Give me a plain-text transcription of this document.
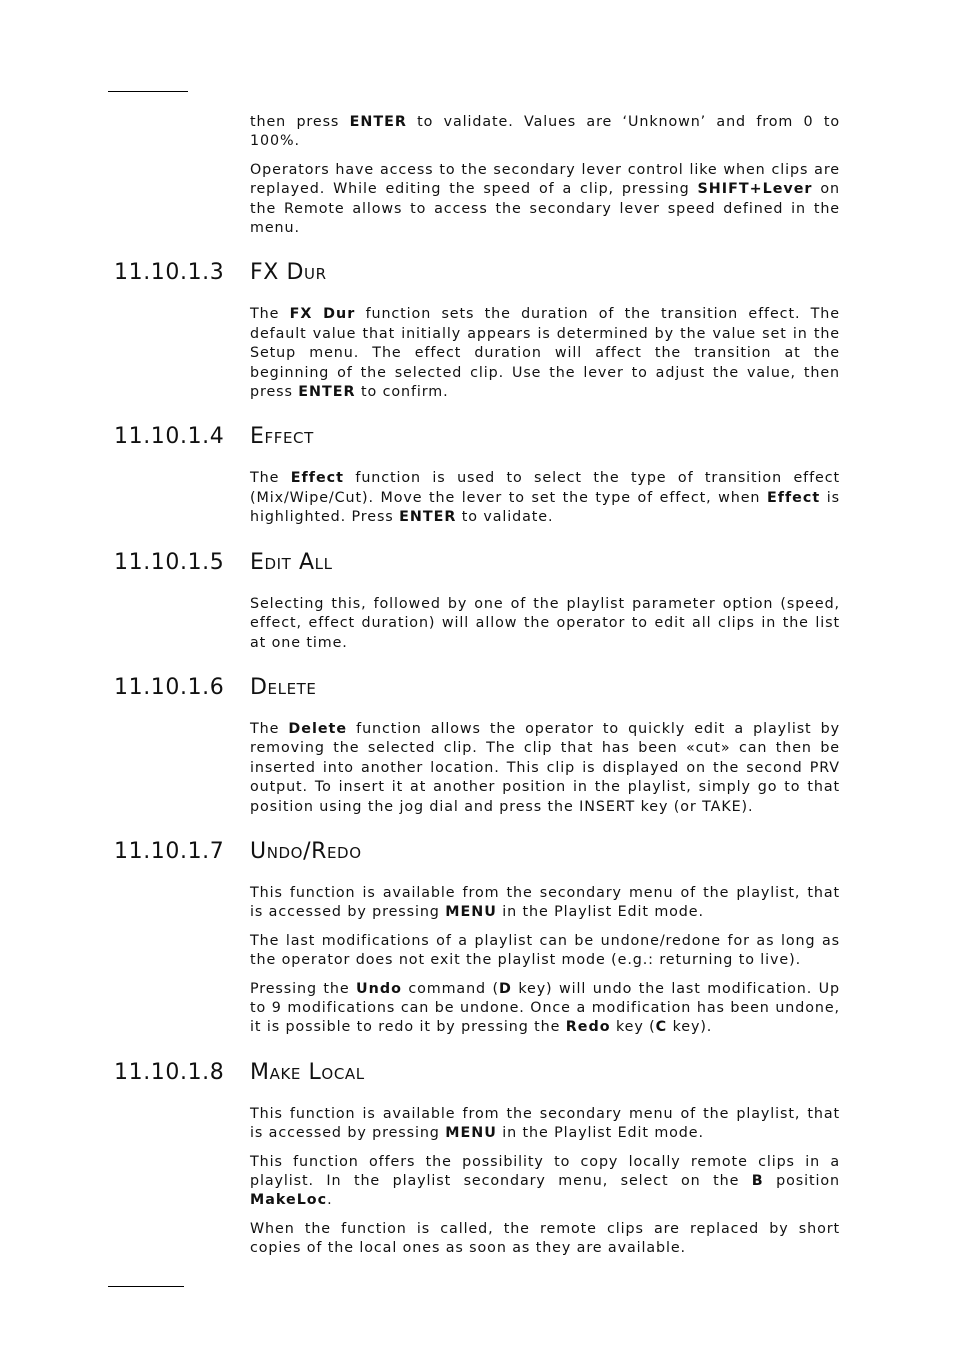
then press ENTER to validate. Values are ‘Unknown’ and from 0 to 100%.

Operators have access to the secondary lever control like when clips are replayed. While editing the speed of a clip, pressing SHIFT+Lever on the Remote allows to access the secondary lever speed defined in the menu.

11.10.1.3	FX Dur

The FX Dur function sets the duration of the transition effect. The default value that initially appears is determined by the value set in the Setup menu. The effect duration will affect the transition at the beginning of the selected clip. Use the lever to adjust the value, then press ENTER to confirm.

11.10.1.4	Effect

The Effect function is used to select the type of transition effect (Mix/Wipe/Cut). Move the lever to set the type of effect, when Effect is highlighted. Press ENTER to validate.

11.10.1.5	Edit All

Selecting this, followed by one of the playlist parameter option (speed, effect, effect duration) will allow the operator to edit all clips in the list at one time.

11.10.1.6	Delete

The Delete function allows the operator to quickly edit a playlist by removing the selected clip. The clip that has been «cut» can then be inserted into another location. This clip is displayed on the second PRV output. To insert it at another position in the playlist, simply go to that position using the jog dial and press the INSERT key (or TAKE).

11.10.1.7	Undo/Redo

This function is available from the secondary menu of the playlist, that is accessed by pressing MENU in the Playlist Edit mode.

The last modifications of a playlist can be undone/redone for as long as the operator does not exit the playlist mode (e.g.: returning to live).

Pressing the Undo command (D key) will undo the last modification. Up to 9 modifications can be undone. Once a modification has been undone, it is possible to redo it by pressing the Redo key (C key).

11.10.1.8	Make Local

This function is available from the secondary menu of the playlist, that is accessed by pressing MENU in the Playlist Edit mode.

This function offers the possibility to copy locally remote clips in a playlist. In the playlist secondary menu, select on the B position MakeLoc.

When the function is called, the remote clips are replaced by short copies of the local ones as soon as they are available.
